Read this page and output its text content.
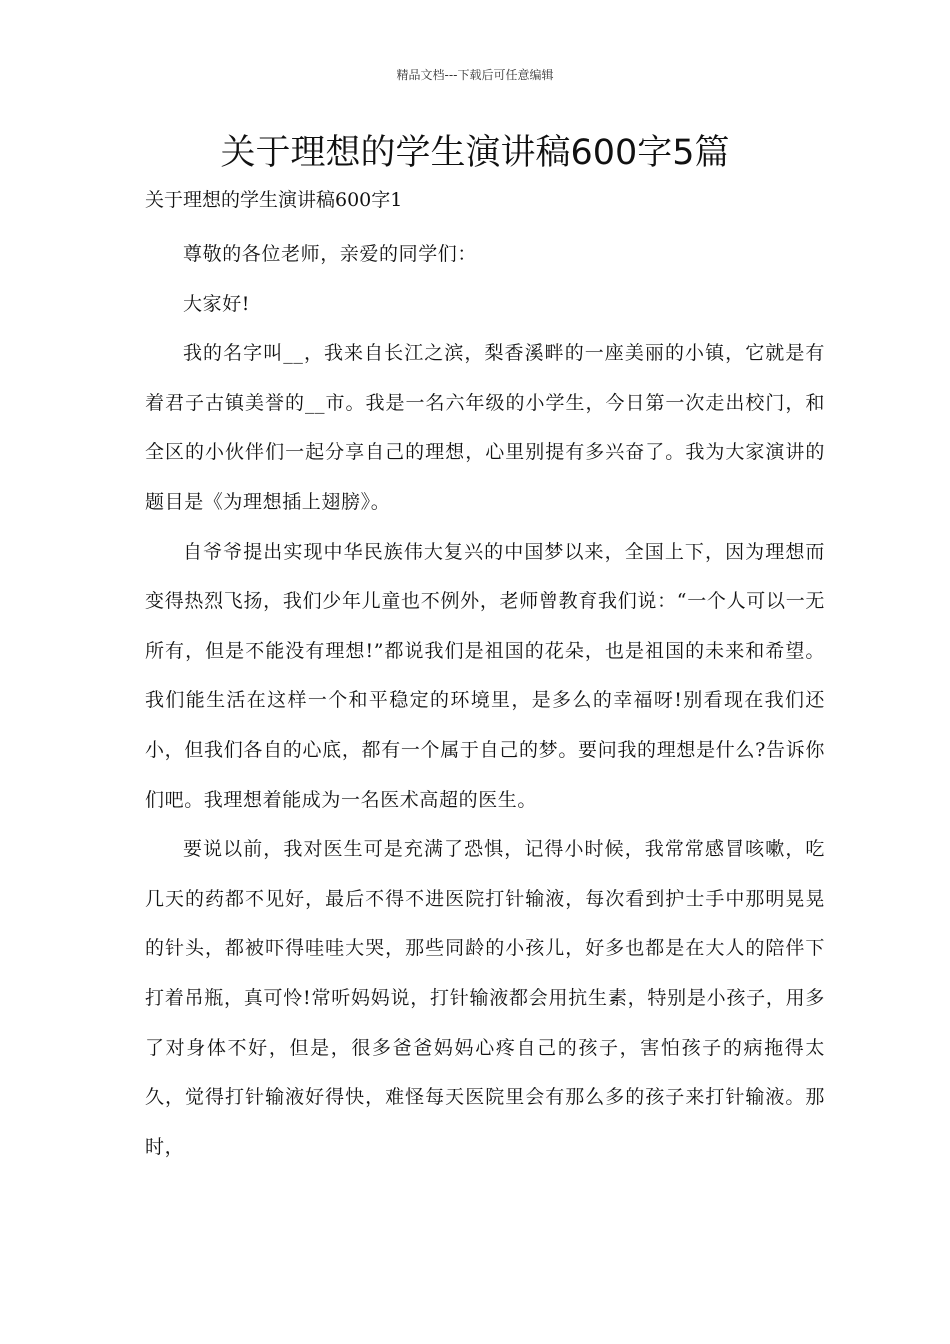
精品文档---下载后可任意编辑
关于理想的学生演讲稿600字5篇

关于理想的学生演讲稿600字1

尊敬的各位老师，亲爱的同学们：

大家好!

我的名字叫__，我来自长江之滨，梨香溪畔的一座美丽的小镇，它就是有着君子古镇美誉的__市。我是一名六年级的小学生，今日第一次走出校门，和全区的小伙伴们一起分享自己的理想，心里别提有多兴奋了。我为大家演讲的题目是《为理想插上翅膀》。

自爷爷提出实现中华民族伟大复兴的中国梦以来，全国上下，因为理想而变得热烈飞扬，我们少年儿童也不例外，老师曾教育我们说：“一个人可以一无所有，但是不能没有理想!”都说我们是祖国的花朵，也是祖国的未来和希望。我们能生活在这样一个和平稳定的环境里，是多么的幸福呀!别看现在我们还小，但我们各自的心底，都有一个属于自己的梦。要问我的理想是什么?告诉你们吧。我理想着能成为一名医术高超的医生。

要说以前，我对医生可是充满了恐惧，记得小时候，我常常感冒咳嗽，吃几天的药都不见好，最后不得不进医院打针输液，每次看到护士手中那明晃晃的针头，都被吓得哇哇大哭，那些同龄的小孩儿，好多也都是在大人的陪伴下打着吊瓶，真可怜!常听妈妈说，打针输液都会用抗生素，特别是小孩子，用多了对身体不好，但是，很多爸爸妈妈心疼自己的孩子，害怕孩子的病拖得太久，觉得打针输液好得快，难怪每天医院里会有那么多的孩子来打针输液。那时，
